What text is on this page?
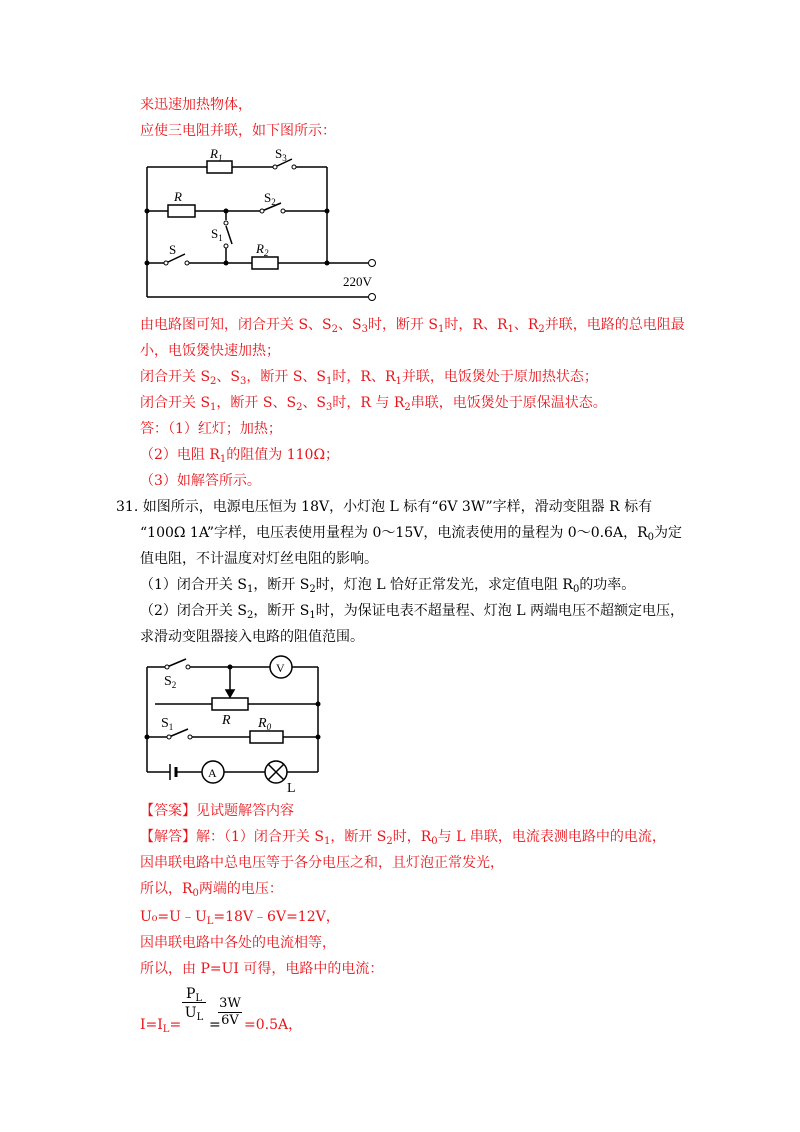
来迅速加热物体，
应使三电阻并联，如下图所示：
$R_1$	$S_3$
R	$S_2$
$S_1$
S	$R_2$
220V
由电路图可知，闭合开关 S、$S_2$、$S_3$时，断开 $S_1$时，R、$R_1$、$R_2$并联，电路的总电阻最
小，电饭煲快速加热；
闭合开关 $S_2$、$S_3$，断开 S、$S_1$时，R、$R_1$并联，电饭煲处于原加热状态；
闭合开关 $S_1$，断开 S、$S_2$、$S_3$时，R 与 $R_2$串联，电饭煲处于原保温状态。
答：（1）红灯；加热；
（2）电阻 $R_1$的阻值为 110Ω；
（3）如解答所示。
31. 如图所示，电源电压恒为 18V，小灯泡 L 标有“6V 3W”字样，滑动变阻器 R 标有
“100Ω 1A”字样，电压表使用量程为 0～15V，电流表使用的量程为 0～0.6A，$R_0$为定
值电阻，不计温度对灯丝电阻的影响。
（1）闭合开关 $S_1$，断开 $S_2$时，灯泡 L 恰好正常发光，求定值电阻 $R_0$的功率。
（2）闭合开关 $S_2$，断开 $S_1$时，为保证电表不超量程、灯泡 L 两端电压不超额定电压，
求滑动变阻器接入电路的阻值范围。
$S_2$
V
R
$S_1$	$R_0$
A
L
【答案】见试题解答内容
【解答】解：（1）闭合开关 $S_1$，断开 $S_2$时，$R_0$与 L 串联，电流表测电路中的电流，
因串联电路中总电压等于各分电压之和，且灯泡正常发光，
所以，$R_0$两端的电压：
$U_0=U﹣U_L=18V﹣6V=12V$，
因串联电路中各处的电流相等，
所以，由 P=UI 可得，电路中的电流：
$I=I_L=$
$\frac{P_L}{U_L}$
=
$\frac{3W}{6V} =0.5A$，
